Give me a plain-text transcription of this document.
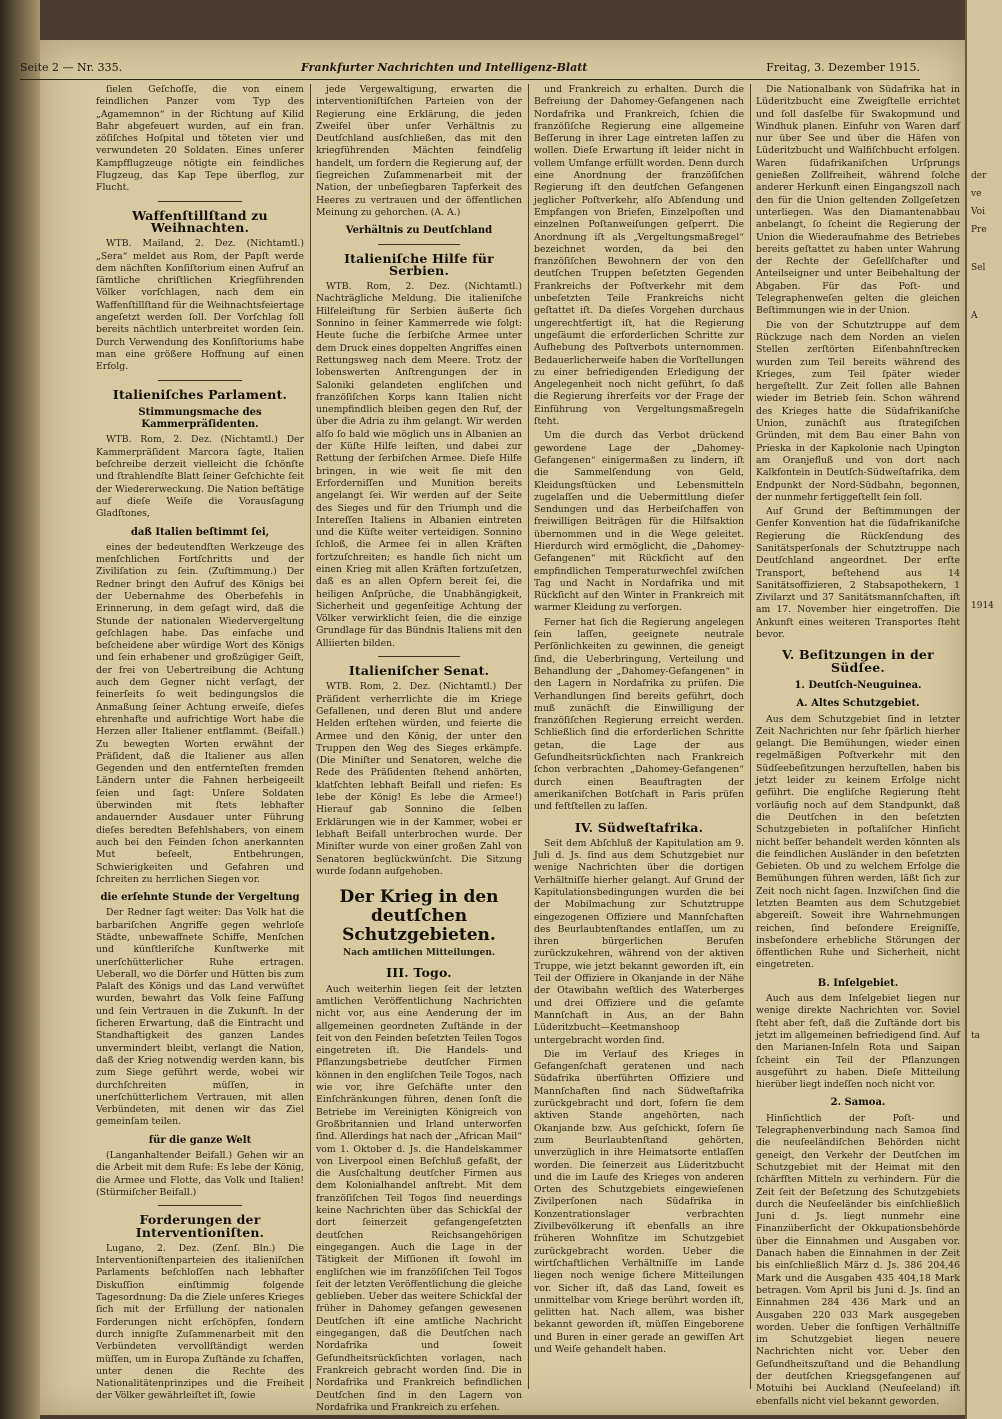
der
ve
Voi
Pre
Sel
A
1914
ta
Seite 2 — Nr. 335.	Frankfurter Nachrichten und Intelligenz-Blatt	Freitag, 3. Dezember 1915.
ſielen Geſchoſſe, die von einem feindlichen Panzer vom Typ des „Agamemnon“ in der Richtung auf Kilid Bahr abgefeuert wurden, auf ein fran. zöſiſches Hoſpital und töteten vier und verwundeten 20 Soldaten. Eines unſerer Kampfflugzeuge nötigte ein feindliches Flugzeug, das Kap Tepe überflog, zur Flucht.
Waffenſtillſtand zu Weihnachten.
WTB. Mailand, 2. Dez. (Nichtamtl.) „Sera“ meldet aus Rom, der Papſt werde dem nächſten Konſiſtorium einen Aufruf an ſämtliche chriſtlichen Kriegführenden Völker vorſchlagen, nach dem ein Waffenſtillſtand für die Weihnachtsfeiertage angeſetzt werden ſoll. Der Vorſchlag ſoll bereits nächtlich unterbreitet worden ſein. Durch Verwendung des Konſiſtoriums habe man eine größere Hoffnung auf einen Erfolg.
Italieniſches Parlament.
Stimmungsmache des Kammerpräſidenten.
WTB. Rom, 2. Dez. (Nichtamtl.) Der Kammerpräſident Marcora ſagte, Italien beſchreibe derzeit vielleicht die ſchönſte und ſtrahlendſte Blatt ſeiner Geſchichte ſeit der Wiedererweckung. Die Nation beſtätige auf dieſe Weiſe die Vorausſagung Gladſtones,
daß Italien beſtimmt ſei,
eines der bedeutendſten Werkzeuge des menſchlichen Fortſchritts und der Ziviliſation zu ſein. (Zuſtimmung.) Der Redner bringt den Aufruf des Königs bei der Uebernahme des Oberbefehls in Erinnerung, in dem geſagt wird, daß die Stunde der nationalen Wiedervergeltung geſchlagen habe. Das einfache und beſcheidene aber würdige Wort des Königs und ſein erhabener und großzügiger Geiſt, der frei von Uebertreibung die Achtung auch dem Gegner nicht verſagt, der feinerſeits ſo weit bedingungslos die Anmaßung ſeiner Achtung erweiſe, dieſes ehrenhafte und aufrichtige Wort habe die Herzen aller Italiener entflammt. (Beifall.) Zu bewegten Worten erwähnt der Präſident, daß die Italiener aus allen Gegenden und den entfernteſten fremden Ländern unter die Fahnen herbeigeeilt ſeien und ſagt: Unſere Soldaten überwinden mit ſtets lebhafter andauernder Ausdauer unter Führung dieſes beredten Befehlshabers, von einem auch bei den Feinden ſchon anerkannten Mut beſeelt, Entbehrungen, Schwierigkeiten und Gefahren und ſchreiten zu herrlichen Siegen vor.
die erſehnte Stunde der Vergeltung
Der Redner ſagt weiter: Das Volk hat die barbariſchen Angriffe gegen wehrloſe Städte, unbewaffnete Schiffe, Menſchen und künſtleriſche Kunſtwerke mit unerſchütterlicher Ruhe ertragen. Ueberall, wo die Dörfer und Hütten bis zum Palaſt des Königs und das Land verwüſtet wurden, bewahrt das Volk ſeine Faſſung und ſein Vertrauen in die Zukunft. In der ſicheren Erwartung, daß die Eintracht und Standhaftigkeit des ganzen Landes unvermindert bleibt, verlangt die Nation, daß der Krieg notwendig werden kann, bis zum Siege geführt werde, wobei wir durchſchreiten müſſen, in unerſchütterlichem Vertrauen, mit allen Verbündeten, mit denen wir das Ziel gemeinſam teilen.
für die ganze Welt
(Langanhaltender Beifall.) Gehen wir an die Arbeit mit dem Rufe: Es lebe der König, die Armee und Flotte, das Volk und Italien! (Stürmiſcher Beifall.)
Forderungen der Interventioniſten.
Lugano, 2. Dez. (Zenſ. Bln.) Die Interventioniſtenparteien des italieniſchen Parlaments beſchloſſen nach lebhafter Diskuſſion einſtimmig folgende Tagesordnung: Da die Ziele unſeres Krieges ſich mit der Erfüllung der nationalen Forderungen nicht erſchöpfen, ſondern durch innigſte Zuſammenarbeit mit den Verbündeten vervollſtändigt werden müſſen, um in Europa Zuſtände zu ſchaffen, unter denen die Rechte des Nationalitätenprinzipes und die Freiheit der Völker gewährleiſtet iſt, ſowie
jede Vergewaltigung, erwarten die interventioniſtiſchen Parteien von der Regierung eine Erklärung, die jeden Zweifel über unſer Verhältnis zu Deutſchland ausſchließen, das mit den kriegführenden Mächten feindſelig handelt, um fordern die Regierung auf, der ſiegreichen Zuſammenarbeit mit der Nation, der unbeſiegbaren Tapferkeit des Heeres zu vertrauen und der öffentlichen Meinung zu gehorchen. (A. A.)
Verhältnis zu Deutſchland
Italieniſche Hilfe für Serbien.
WTB. Rom, 2. Dez. (Nichtamtl.) Nachträgliche Meldung. Die italieniſche Hilfeleiſtung für Serbien äußerte ſich Sonnino in ſeiner Kammerrede wie folgt: Heute ſuche die ſerbiſche Armee unter dem Druck eines doppelten Angriffes einen Rettungsweg nach dem Meere. Trotz der lobenswerten Anſtrengungen der in Saloniki gelandeten engliſchen und franzöſiſchen Korps kann Italien nicht unempfindlich bleiben gegen den Ruf, der über die Adria zu ihm gelangt. Wir werden alſo ſo bald wie möglich uns in Albanien an der Küſte Hilfe leiſten, und dabei zur Rettung der ſerbiſchen Armee. Dieſe Hilfe bringen, in wie weit ſie mit den Erforderniſſen und Munition bereits angelangt ſei. Wir werden auf der Seite des Sieges und für den Triumph und die Intereſſen Italiens in Albanien eintreten und die Küſte weiter verteidigen. Sonnino ſchloß, die Armee ſei in allen Kräften fortzuſchreiten; es handle ſich nicht um einen Krieg mit allen Kräften fortzuſetzen, daß es an allen Opfern bereit ſei, die heiligen Anſprüche, die Unabhängigkeit, Sicherheit und gegenſeitige Achtung der Völker verwirklicht ſeien, die die einzige Grundlage für das Bündnis Italiens mit den Alliierten bilden.
Italieniſcher Senat.
WTB. Rom, 2. Dez. (Nichtamtl.) Der Präſident verherrlichte die im Kriege Gefallenen, und deren Blut und andere Helden erſtehen würden, und feierte die Armee und den König, der unter den Truppen den Weg des Sieges erkämpfe. (Die Miniſter und Senatoren, welche die Rede des Präſidenten ſtehend anhörten, klatſchten lebhaft Beifall und riefen: Es lebe der König! Es lebe die Armee!) Hierauf gab Sonnino die ſelben Erklärungen wie in der Kammer, wobei er lebhaft Beifall unterbrochen wurde. Der Miniſter wurde von einer großen Zahl von Senatoren beglückwünſcht. Die Sitzung wurde ſodann aufgehoben.
Der Krieg in den deutſchen Schutzgebieten.
Nach amtlichen Mitteilungen.
III. Togo.
Auch weiterhin liegen ſeit der letzten amtlichen Veröffentlichung Nachrichten nicht vor, aus eine Aenderung der im allgemeinen geordneten Zuſtände in der ſeit von den Feinden beſetzten Teilen Togos eingetreten iſt. Die Handels- und Pflanzungsbetriebe deutſcher Firmen können in den engliſchen Teile Togos, nach wie vor, ihre Geſchäfte unter den Einſchränkungen führen, denen ſonſt die Betriebe im Vereinigten Königreich von Großbritannien und Irland unterworfen ſind. Allerdings hat nach der „African Mail“ vom 1. Oktober d. Js. die Handelskammer von Liverpool einen Beſchluß gefaßt, der die Ausſchaltung deutſcher Firmen aus dem Kolonialhandel anſtrebt. Mit dem franzöſiſchen Teil Togos ſind neuerdings keine Nachrichten über das Schickſal der dort ſeinerzeit gefangengeſetzten deutſchen Reichsangehörigen eingegangen. Auch die Lage in der Tätigkeit der Miſſionen iſt ſowohl im engliſchen wie im franzöſiſchen Teil Togos ſeit der letzten Veröffentlichung die gleiche geblieben. Ueber das weitere Schickſal der früher in Dahomey gefangen gewesenen Deutſchen iſt eine amtliche Nachricht eingegangen, daß die Deutſchen nach Nordafrika und ſoweit Geſundheitsrückſichten vorlagen, nach Frankreich gebracht worden ſind. Die in Nordafrika und Frankreich befindlichen Deutſchen ſind in den Lagern von Nordafrika und Frankreich zu erſehen.
und Frankreich zu erhalten. Durch die Befreiung der Dahomey-Gefangenen nach Nordafrika und Frankreich, ſchien die franzöſiſche Regierung eine allgemeine Beſſerung in ihrer Lage eintreten laſſen zu wollen. Dieſe Erwartung iſt leider nicht in vollem Umfange erfüllt worden. Denn durch eine Anordnung der franzöſiſchen Regierung iſt den deutſchen Gefangenen jeglicher Poſtverkehr, alſo Abſendung und Empfangen von Briefen, Einzelpoſten und einzelnen Poſtanweiſungen geſperrt. Die Anordnung iſt als „Vergeltungsmaßregel“ bezeichnet worden, da bei den franzöſiſchen Bewohnern der von den deutſchen Truppen beſetzten Gegenden Frankreichs der Poſtverkehr mit dem unbeſetzten Teile Frankreichs nicht geſtattet iſt. Da dieſes Vorgehen durchaus ungerechtfertigt iſt, hat die Regierung ungeſäumt die erforderlichen Schritte zur Aufhebung des Poſtverbots unternommen. Bedauerlicherweiſe haben die Vorſtellungen zu einer befriedigenden Erledigung der Angelegenheit noch nicht geführt, ſo daß die Regierung ihrerſeits vor der Frage der Einführung von Vergeltungsmaßregeln ſteht.
Um die durch das Verbot drückend gewordene Lage der „Dahomey-Gefangenen“ einigermaßen zu lindern, iſt die Sammelſendung von Geld, Kleidungsſtücken und Lebensmitteln zugelaſſen und die Uebermittlung dieſer Sendungen und das Herbeiſchaffen von freiwilligen Beiträgen für die Hilfsaktion übernommen und in die Wege geleitet. Hierdurch wird ermöglicht, die „Dahomey-Gefangenen“ mit Rückſicht auf den empfindlichen Temperaturwechſel zwiſchen Tag und Nacht in Nordafrika und mit Rückſicht auf den Winter in Frankreich mit warmer Kleidung zu verſorgen.
Ferner hat ſich die Regierung angelegen ſein laſſen, geeignete neutrale Perſönlichkeiten zu gewinnen, die geneigt ſind, die Ueberbringung, Verteilung und Behandlung der „Dahomey-Gefangenen“ in den Lagern in Nordafrika zu prüfen. Die Verhandlungen ſind bereits geführt, doch muß zunächſt die Einwilligung der franzöſiſchen Regierung erreicht werden. Schließlich ſind die erforderlichen Schritte getan, die Lage der aus Geſundheitsrückſichten nach Frankreich ſchon verbrachten „Dahomey-Gefangenen“ durch einen Beauftragten der amerikaniſchen Botſchaft in Paris prüfen und feſtſtellen zu laſſen.
IV. Südweſtafrika.
Seit dem Abſchluß der Kapitulation am 9. Juli d. Js. ſind aus dem Schutzgebiet nur wenige Nachrichten über die dortigen Verhältniſſe hierher gelangt. Auf Grund der Kapitulationsbedingungen wurden die bei der Mobilmachung zur Schutztruppe eingezogenen Offiziere und Mannſchaften des Beurlaubtenſtandes entlaſſen, um zu ihren bürgerlichen Berufen zurückzukehren, während von der aktiven Truppe, wie jetzt bekannt geworden iſt, ein Teil der Offiziere in Okanjande in der Nähe der Otawibahn weſtlich des Waterberges und drei Offiziere und die geſamte Mannſchaft in Aus, an der Bahn Lüderitzbucht—Keetmanshoop untergebracht worden ſind.
Die im Verlauf des Krieges in Gefangenſchaft geratenen und nach Südafrika überführten Offiziere und Mannſchaften ſind nach Südweſtafrika zurückgebracht und dort, ſofern ſie dem aktiven Stande angehörten, nach Okanjande bzw. Aus geſchickt, ſofern ſie zum Beurlaubtenſtand gehörten, unverzüglich in ihre Heimatsorte entlaſſen worden. Die ſeinerzeit aus Lüderitzbucht und die im Laufe des Krieges von anderen Orten des Schutzgebiets eingewieſenen Zivilperſonen nach Südafrika in Konzentrationslager verbrachten Zivilbevölkerung iſt ebenfalls an ihre früheren Wohnſitze im Schutzgebiet zurückgebracht worden. Ueber die wirtſchaftlichen Verhältniſſe im Lande liegen noch wenige ſichere Mitteilungen vor. Sicher iſt, daß das Land, ſoweit es unmittelbar vom Kriege berührt worden iſt, gelitten hat. Nach allem, was bisher bekannt geworden iſt, müſſen Eingeborene und Buren in einer gerade an gewiſſen Art und Weiſe gehandelt haben.
Die Nationalbank von Südafrika hat in Lüderitzbucht eine Zweigſtelle errichtet und ſoll dasſelbe für Swakopmund und Windhuk planen. Einfuhr von Waren darf nur über See und über die Häfen von Lüderitzbucht und Walfiſchbucht erfolgen. Waren ſüdafrikaniſchen Urſprungs genießen Zollfreiheit, während ſolche anderer Herkunft einen Eingangszoll nach den für die Union geltenden Zollgeſetzen unterliegen. Was den Diamantenabbau anbelangt, ſo ſcheint die Regierung der Union die Wiederaufnahme des Betriebes bereits geſtattet zu haben unter Wahrung der Rechte der Geſellſchafter und Anteilseigner und unter Beibehaltung der Abgaben. Für das Poſt- und Telegraphenweſen gelten die gleichen Beſtimmungen wie in der Union.
Die von der Schutztruppe auf dem Rückzuge nach dem Norden an vielen Stellen zerſtörten Eiſenbahnſtrecken wurden zum Teil bereits während des Krieges, zum Teil ſpäter wieder hergeſtellt. Zur Zeit ſollen alle Bahnen wieder im Betrieb ſein. Schon während des Krieges hatte die Südafrikaniſche Union, zunächſt aus ſtrategiſchen Gründen, mit dem Bau einer Bahn von Prieska in der Kapkolonie nach Upington am Oranjefluß und von dort nach Kalkfontein in Deutſch-Südweſtafrika, dem Endpunkt der Nord-Südbahn, begonnen, der nunmehr fertiggeſtellt ſein ſoll.
Auf Grund der Beſtimmungen der Genfer Konvention hat die ſüdafrikaniſche Regierung die Rückſendung des Sanitätsperſonals der Schutztruppe nach Deutſchland angeordnet. Der erſte Transport, beſtehend aus 14 Sanitätsoffizieren, 2 Stabsapothekern, 1 Zivilarzt und 37 Sanitätsmannſchaften, iſt am 17. November hier eingetroffen. Die Ankunft eines weiteren Transportes ſteht bevor.
V. Beſitzungen in der Südſee.
1. Deutſch-Neuguinea.
A. Altes Schutzgebiet.
Aus dem Schutzgebiet ſind in letzter Zeit Nachrichten nur ſehr ſpärlich hierher gelangt. Die Bemühungen, wieder einen regelmäßigen Poſtverkehr mit den Südſeebeſitzungen herzuſtellen, haben bis jetzt leider zu keinem Erfolge nicht geführt. Die engliſche Regierung ſteht vorläufig noch auf dem Standpunkt, daß die Deutſchen in den beſetzten Schutzgebieten in poſtaliſcher Hinſicht nicht beſſer behandelt werden könnten als die feindlichen Ausländer in den beſetzten Gebieten. Ob und zu welchem Erfolge die Bemühungen führen werden, läßt ſich zur Zeit noch nicht ſagen. Inzwiſchen ſind die letzten Beamten aus dem Schutzgebiet abgereiſt. Soweit ihre Wahrnehmungen reichen, ſind beſondere Ereigniſſe, insbeſondere erhebliche Störungen der öffentlichen Ruhe und Sicherheit, nicht eingetreten.
B. Inſelgebiet.
Auch aus dem Inſelgebiet liegen nur wenige direkte Nachrichten vor. Soviel ſteht aber feſt, daß die Zuſtände dort bis jetzt im allgemeinen befriedigend ſind. Auf den Marianen-Inſeln Rota und Saipan ſcheint ein Teil der Pflanzungen ausgeführt zu haben. Dieſe Mitteilung hierüber liegt indeſſen noch nicht vor.
2. Samoa.
Hinſichtlich der Poſt- und Telegraphenverbindung nach Samoa ſind die neuſeeländiſchen Behörden nicht geneigt, den Verkehr der Deutſchen im Schutzgebiet mit der Heimat mit den ſchärfſten Mitteln zu verhindern. Für die Zeit ſeit der Beſetzung des Schutzgebiets durch die Neuſeeländer bis einſchließlich Juni d. Js. liegt nunmehr eine Finanzüberſicht der Okkupationsbehörde über die Einnahmen und Ausgaben vor. Danach haben die Einnahmen in der Zeit bis einſchließlich März d. Js. 386 204,46 Mark und die Ausgaben 435 404,18 Mark betragen. Vom April bis Juni d. Js. ſind an Einnahmen 284 436 Mark und an Ausgaben 220 033 Mark ausgegeben worden. Ueber die ſonſtigen Verhältniſſe im Schutzgebiet liegen neuere Nachrichten nicht vor. Ueber den Geſundheitszuſtand und die Behandlung der deutſchen Kriegsgefangenen auf Motuihi bei Auckland (Neuſeeland) iſt ebenfalls nicht viel bekannt geworden.
